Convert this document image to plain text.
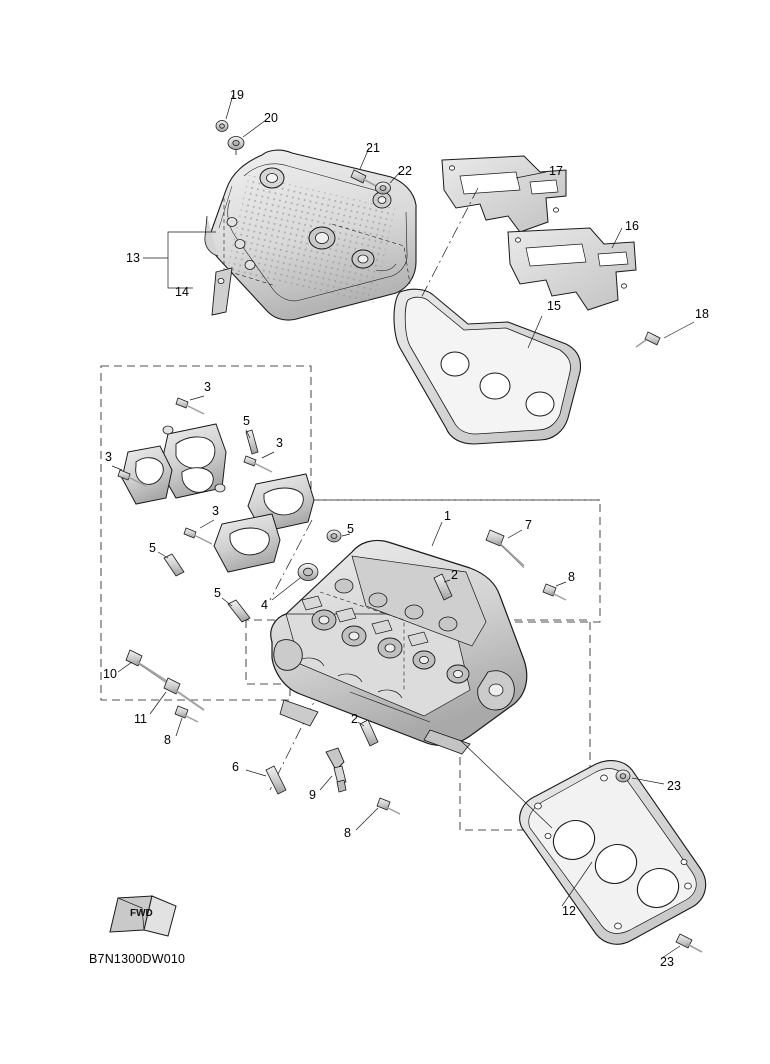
19
20
21
22	17
16
13
14
15
18
3
5
3
3
3
5
5
1
7
5
2	8
4
10
11	2
8
6
9
23
8
12
23
FWD
B7N1300DW010
